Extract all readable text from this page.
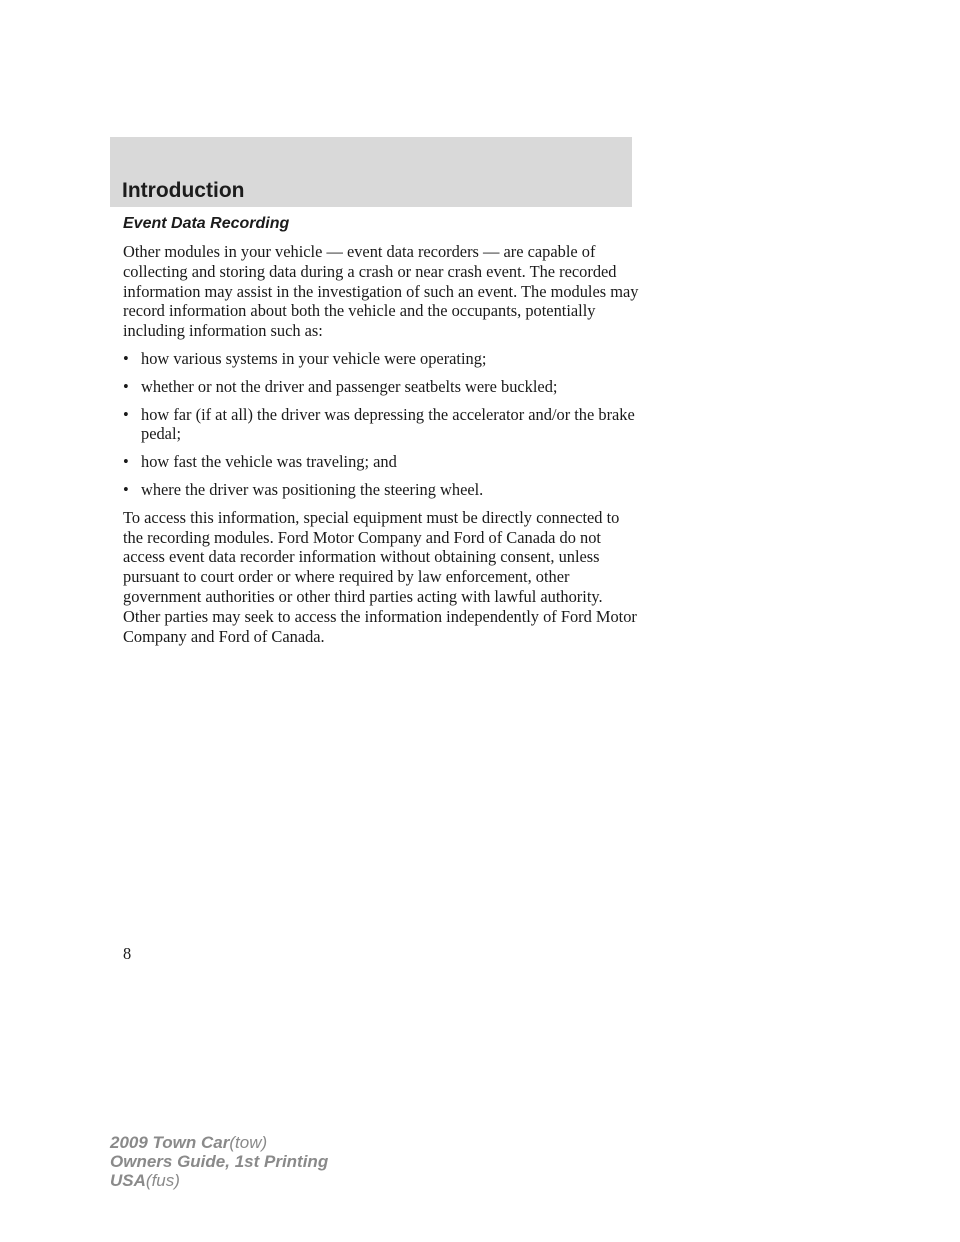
Introduction
Event Data Recording

Other modules in your vehicle — event data recorders — are capable of collecting and storing data during a crash or near crash event. The recorded information may assist in the investigation of such an event. The modules may record information about both the vehicle and the occupants, potentially including information such as:

• how various systems in your vehicle were operating;
• whether or not the driver and passenger seatbelts were buckled;
• how far (if at all) the driver was depressing the accelerator and/or the brake pedal;
• how fast the vehicle was traveling; and
• where the driver was positioning the steering wheel.

To access this information, special equipment must be directly connected to the recording modules. Ford Motor Company and Ford of Canada do not access event data recorder information without obtaining consent, unless pursuant to court order or where required by law enforcement, other government authorities or other third parties acting with lawful authority. Other parties may seek to access the information independently of Ford Motor Company and Ford of Canada.

8
2009 Town Car(tow)
Owners Guide, 1st Printing
USA(fus)
